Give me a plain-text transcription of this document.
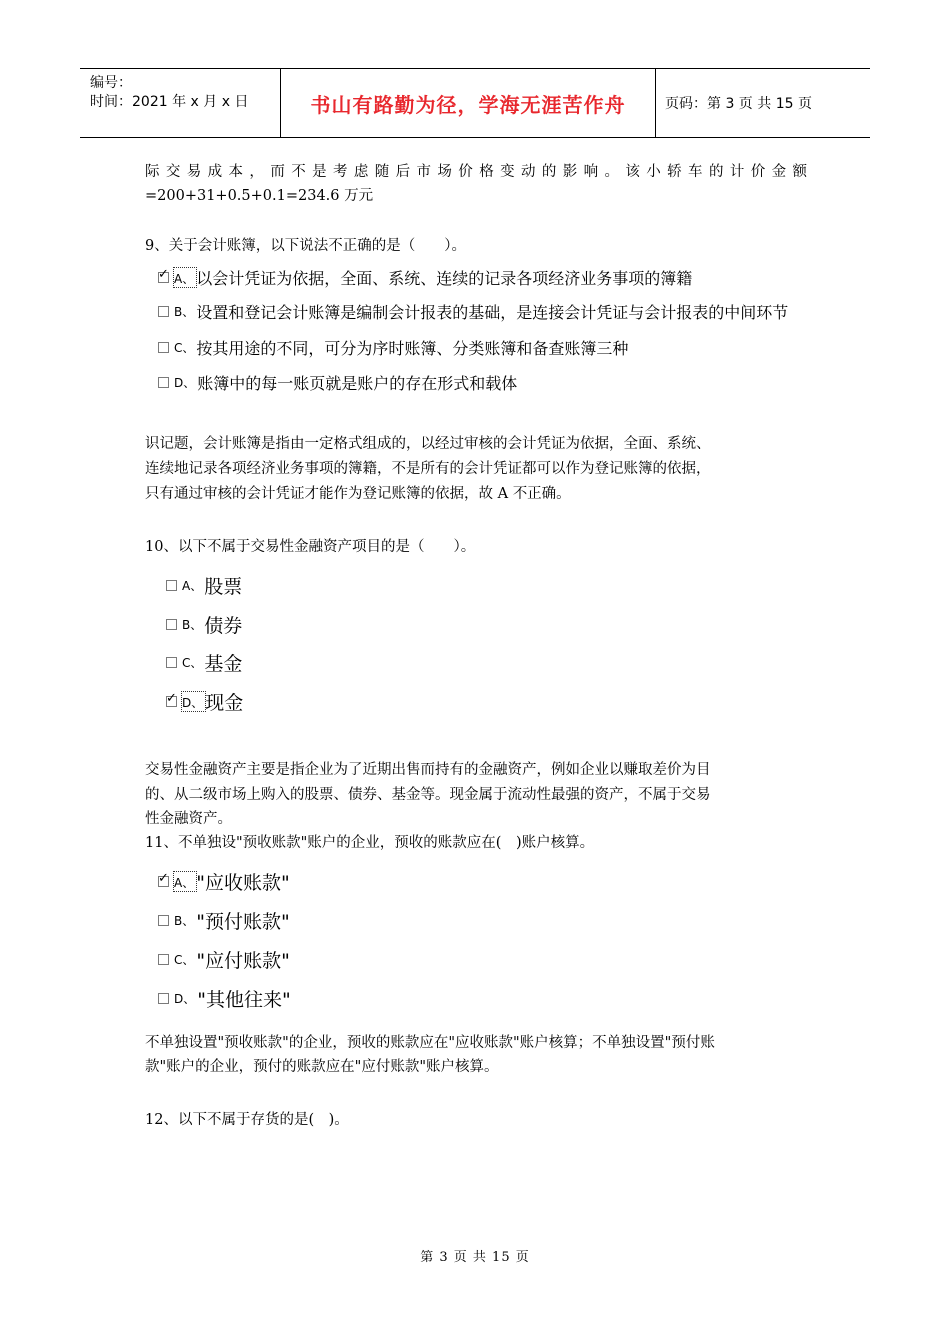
编号：
时间：2021 年 x 月 x 日	书山有路勤为径，学海无涯苦作舟	页码：第 3 页 共 15 页
际交易成本，而不是考虑随后市场价格变动的影响。该小轿车的计价金额
=200+31+0.5+0.1=234.6 万元
9、关于会计账簿，以下说法不正确的是（　　）。
✓ A、 以会计凭证为依据，全面、系统、连续的记录各项经济业务事项的簿籍
B、 设置和登记会计账簿是编制会计报表的基础，是连接会计凭证与会计报表的中间环节
C、 按其用途的不同，可分为序时账簿、分类账簿和备查账簿三种
D、 账簿中的每一账页就是账户的存在形式和载体
识记题，会计账簿是指由一定格式组成的，以经过审核的会计凭证为依据，全面、系统、
连续地记录各项经济业务事项的簿籍，不是所有的会计凭证都可以作为登记账簿的依据，
只有通过审核的会计凭证才能作为登记账簿的依据，故 A 不正确。
10、以下不属于交易性金融资产项目的是（　　）。
A、 股票
B、 债券
C、 基金
✓ D、 现金
交易性金融资产主要是指企业为了近期出售而持有的金融资产，例如企业以赚取差价为目
的、从二级市场上购入的股票、债券、基金等。现金属于流动性最强的资产，不属于交易
性金融资产。
11、不单独设"预收账款"账户的企业，预收的账款应在(　)账户核算。
✓ A、 "应收账款"
B、 "预付账款"
C、 "应付账款"
D、 "其他往来"
不单独设置"预收账款"的企业，预收的账款应在"应收账款"账户核算；不单独设置"预付账
款"账户的企业，预付的账款应在"应付账款"账户核算。
12、以下不属于存货的是(　)。
第 3 页 共 15 页
